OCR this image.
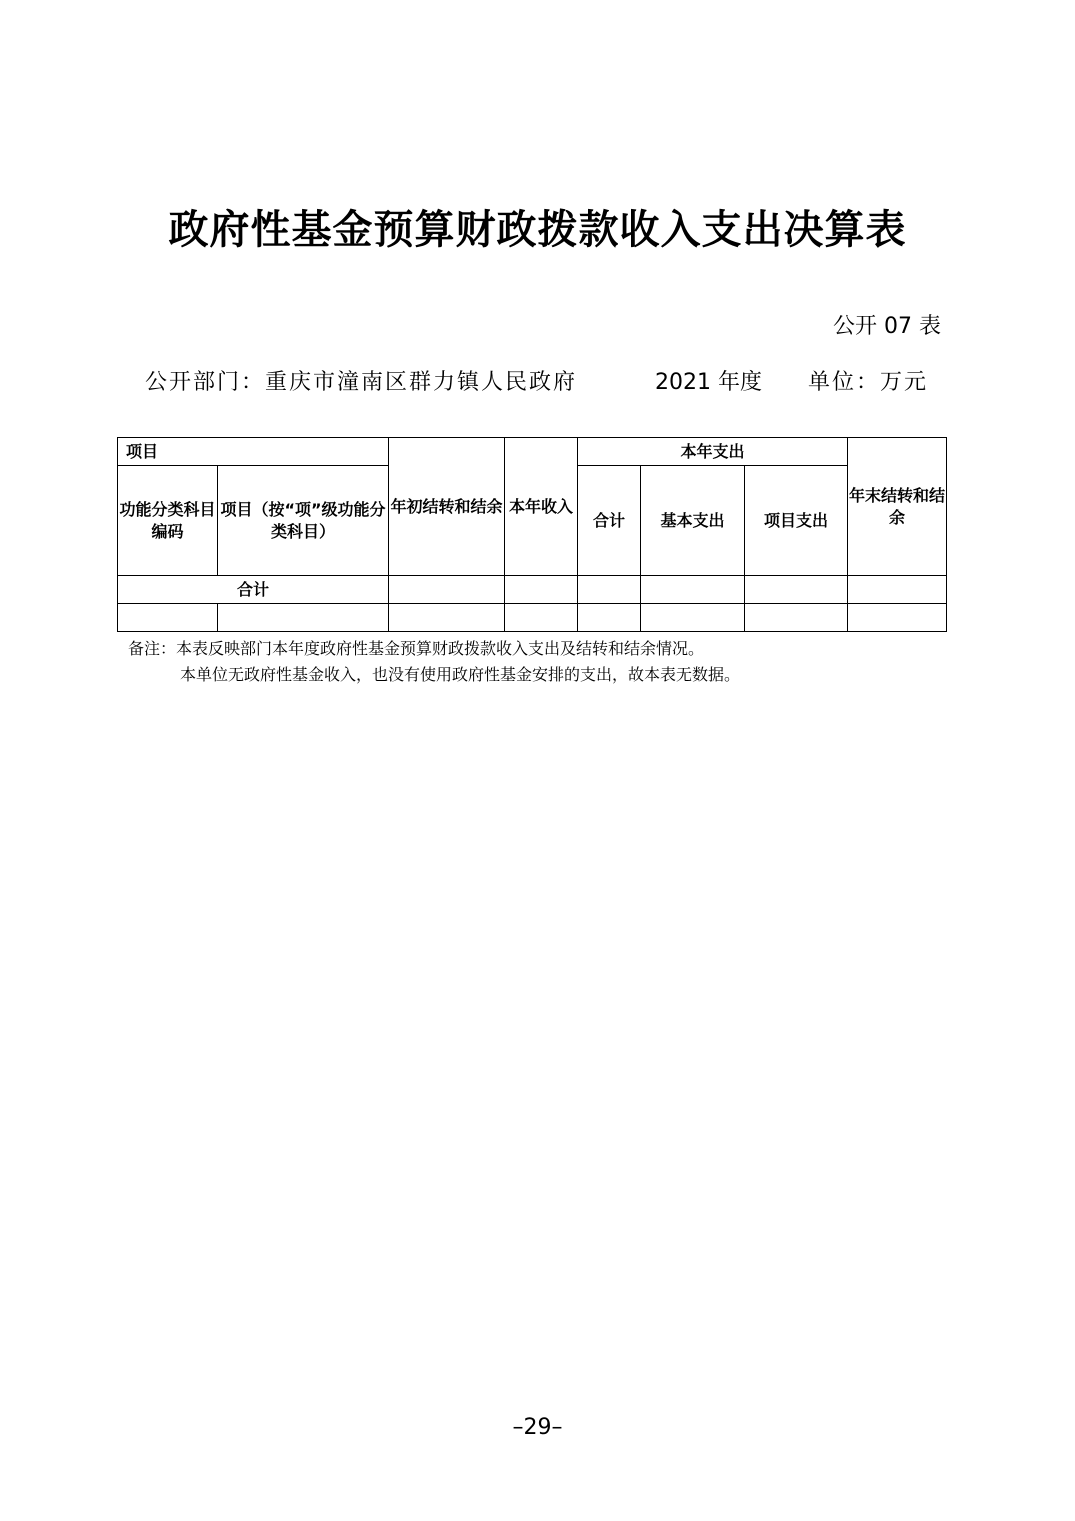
政府性基金预算财政拨款收入支出决算表
公开 07 表
公开部门：重庆市潼南区群力镇人民政府	2021 年度 单位：万元
项目		年初结转和结余	本年收入	本年支出			年末结转和结余
功能分类科目编码	项目（按“项”级功能分类科目）			合计	基本支出	项目支出	
合计							

备注：本表反映部门本年度政府性基金预算财政拨款收入支出及结转和结余情况。
本单位无政府性基金收入，也没有使用政府性基金安排的支出，故本表无数据。
–29–
